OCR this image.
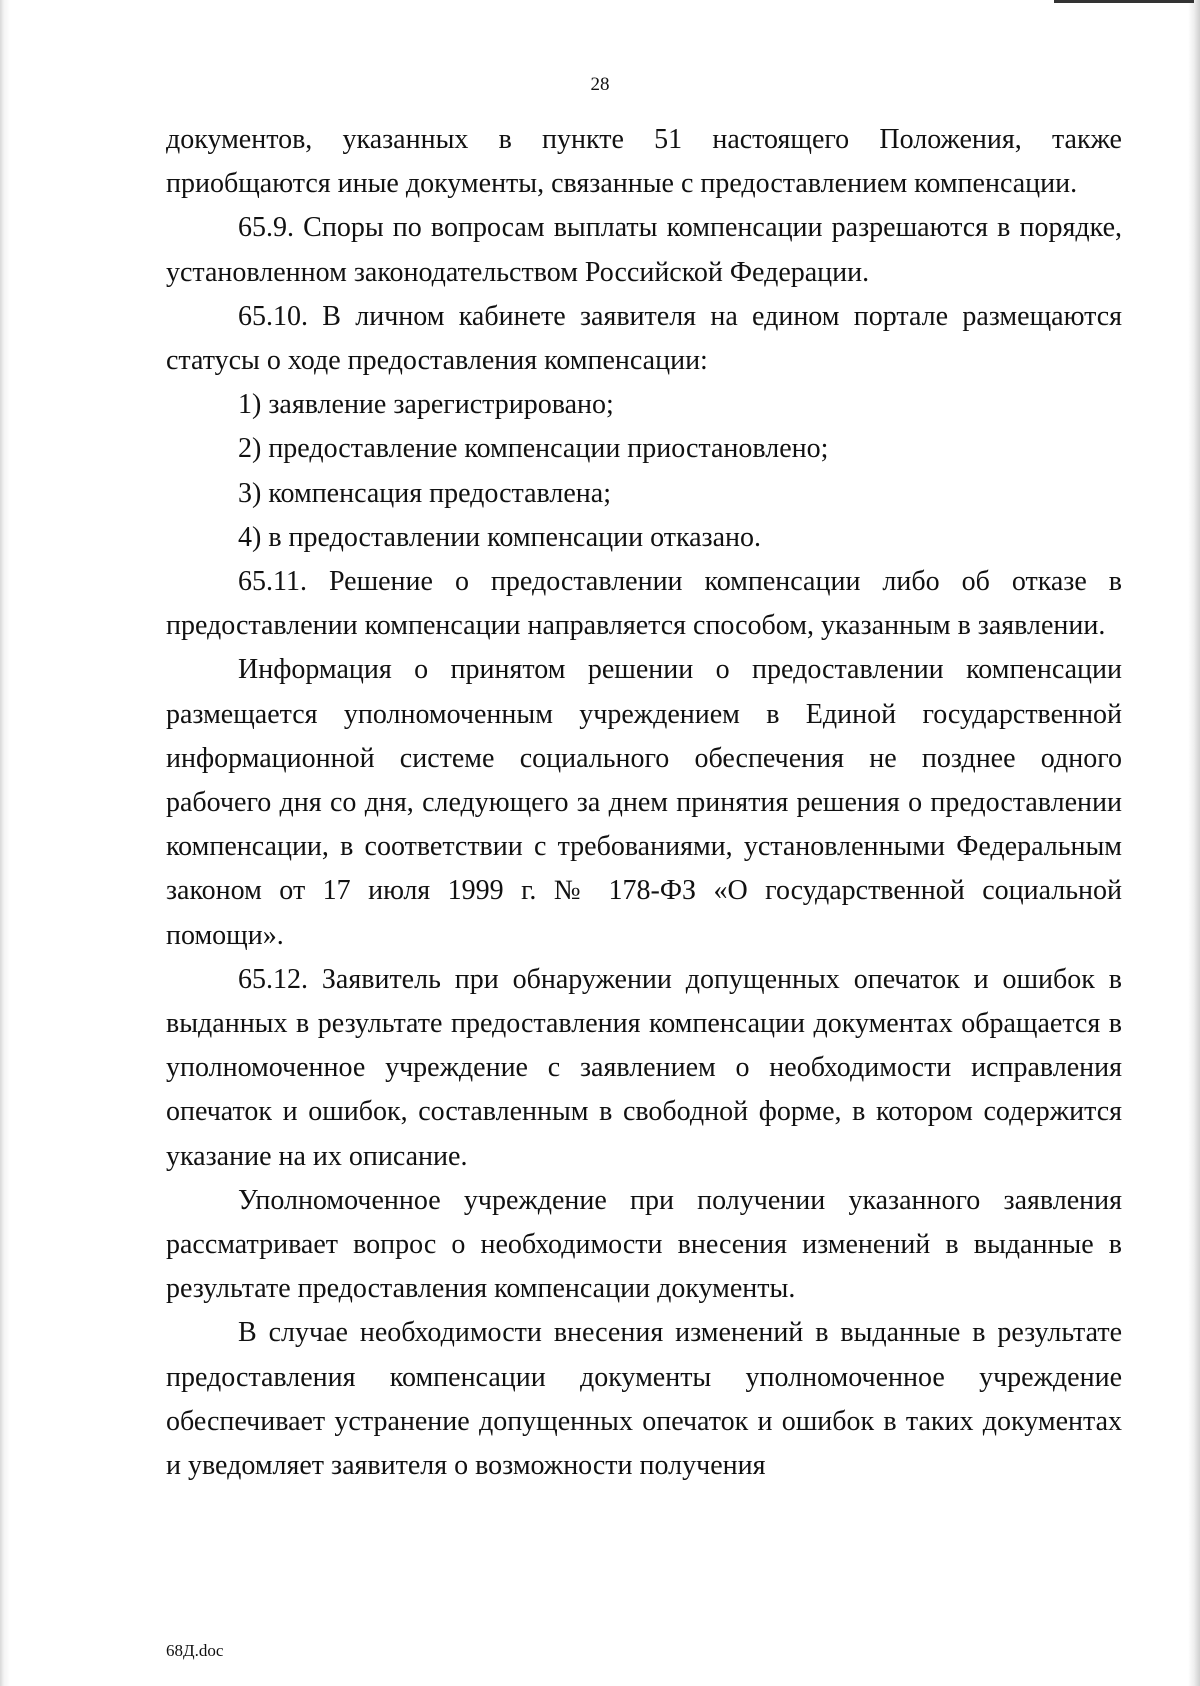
28

документов, указанных в пункте 51 настоящего Положения, также приобщаются иные документы, связанные с предоставлением компенсации.

65.9. Споры по вопросам выплаты компенсации разрешаются в порядке, установленном законодательством Российской Федерации.

65.10. В личном кабинете заявителя на едином портале размещаются статусы о ходе предоставления компенсации:

1) заявление зарегистрировано;

2) предоставление компенсации приостановлено;

3) компенсация предоставлена;

4) в предоставлении компенсации отказано.

65.11. Решение о предоставлении компенсации либо об отказе в предоставлении компенсации направляется способом, указанным в заявлении.

Информация о принятом решении о предоставлении компенсации размещается уполномоченным учреждением в Единой государственной информационной системе социального обеспечения не позднее одного рабочего дня со дня, следующего за днем принятия решения о предоставлении компенсации, в соответствии с требованиями, установленными Федеральным законом от 17 июля 1999 г. № 178-ФЗ «О государственной социальной помощи».

65.12. Заявитель при обнаружении допущенных опечаток и ошибок в выданных в результате предоставления компенсации документах обращается в уполномоченное учреждение с заявлением о необходимости исправления опечаток и ошибок, составленным в свободной форме, в котором содержится указание на их описание.

Уполномоченное учреждение при получении указанного заявления рассматривает вопрос о необходимости внесения изменений в выданные в результате предоставления компенсации документы.

В случае необходимости внесения изменений в выданные в результате предоставления компенсации документы уполномоченное учреждение обеспечивает устранение допущенных опечаток и ошибок в таких документах и уведомляет заявителя о возможности получения

68Д.doc
